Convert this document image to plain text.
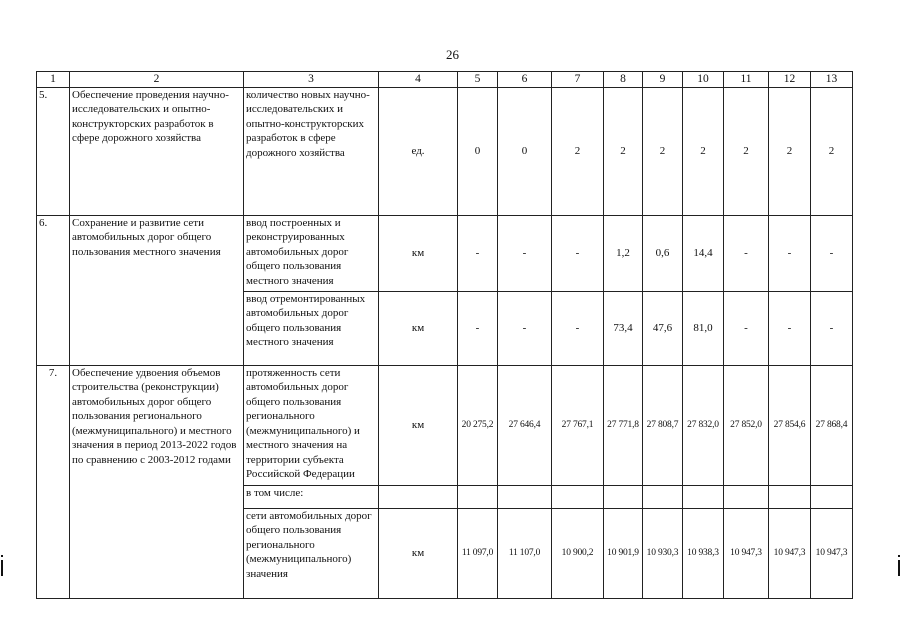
26
1	2	3	4	5	6	7	8	9	10	11	12	13
5.	Обеспечение проведения научно-исследовательских и опытно-конструкторских разработок в сфере дорожного хозяйства	количество новых научно-исследовательских и опытно-конструкторских разработок в сфере дорожного хозяйства	ед.	0	0	2	2	2	2	2	2	2
6.	Сохранение и развитие сети автомобильных дорог общего пользования местного значения	ввод построенных и реконструированных автомобильных дорог общего пользования местного значения	км	-	-	-	1,2	0,6	14,4	-	-	-
		ввод отремонтированных автомобильных дорог общего пользования местного значения	км	-	-	-	73,4	47,6	81,0	-	-	-
7.	Обеспечение удвоения объемов строительства (реконструкции) автомобильных дорог общего пользования регионального (межмуниципального) и местного значения в период 2013-2022 годов по сравнению с 2003-2012 годами	протяженность сети автомобильных дорог общего пользования регионального (межмуниципального) и местного значения на территории субъекта Российской Федерации	км	20 275,2	27 646,4	27 767,1	27 771,8	27 808,7	27 832,0	27 852,0	27 854,6	27 868,4
		в том числе:										
		сети автомобильных дорог общего пользования регионального (межмуниципального) значения	км	11 097,0	11 107,0	10 900,2	10 901,9	10 930,3	10 938,3	10 947,3	10 947,3	10 947,3
